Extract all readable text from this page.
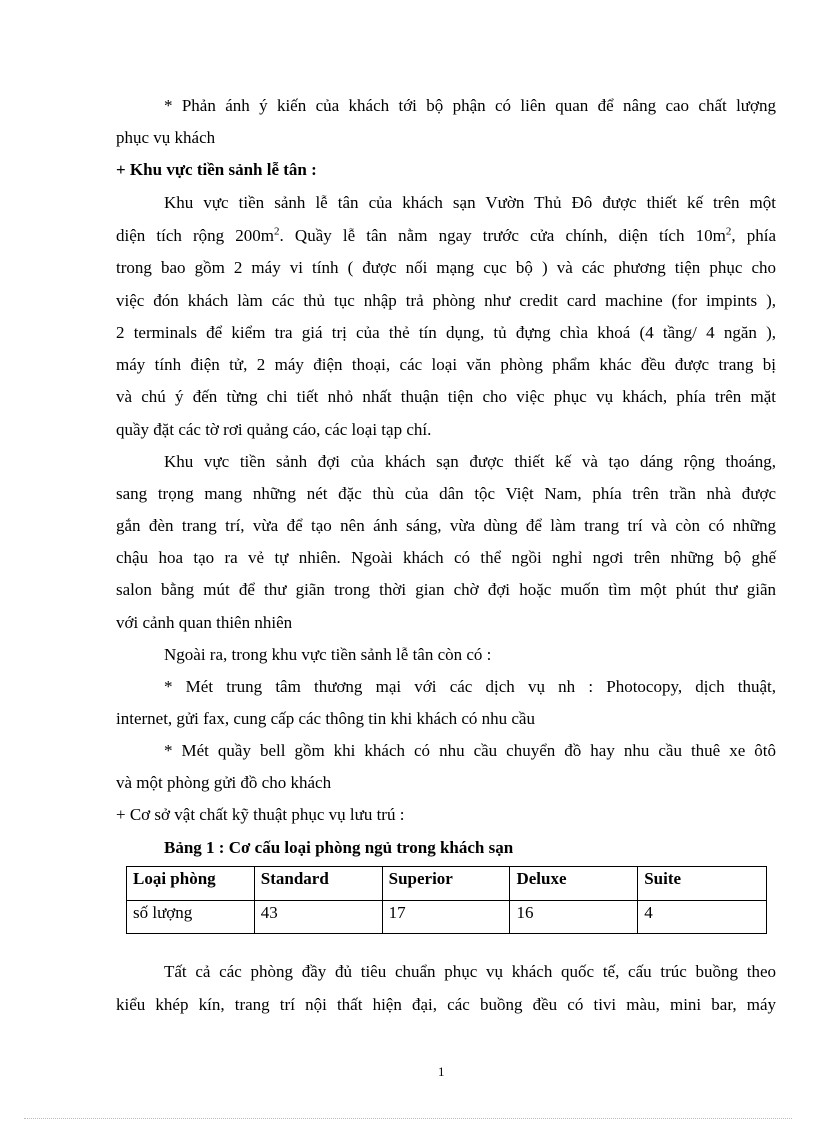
* Phản ánh ý kiến của khách tới bộ phận có liên quan để nâng cao chất lượng
phục vụ khách
+ Khu vực tiền sảnh lễ tân :
Khu vực tiền sảnh lễ tân của khách sạn Vườn Thủ Đô được thiết kế trên một
diện tích rộng $200m^2$. Quầy lễ tân nằm ngay trước cửa chính, diện tích $10m^2$, phía
trong bao gồm 2 máy vi tính ( được nối mạng cục bộ ) và các phương tiện phục cho
việc đón khách làm các thủ tục nhập trả phòng như credit card machine (for impints ),
2 terminals để kiểm tra giá trị của thẻ tín dụng, tủ đựng chìa khoá (4 tầng/ 4 ngăn ),
máy tính điện tử, 2 máy điện thoại, các loại văn phòng phẩm khác đều được trang bị
và chú ý đến từng chi tiết nhỏ nhất thuận tiện cho việc phục vụ khách, phía trên mặt
quầy đặt các tờ rơi quảng cáo, các loại tạp chí.
Khu vực tiền sảnh đợi của khách sạn được thiết kế và tạo dáng rộng thoáng,
sang trọng mang những nét đặc thù của dân tộc Việt Nam, phía trên trần nhà được
gắn đèn trang trí, vừa để tạo nên ánh sáng, vừa dùng để làm trang trí và còn có những
chậu hoa tạo ra vẻ tự nhiên. Ngoài khách có thể ngồi nghỉ ngơi trên những bộ ghế
salon bằng mút để thư giãn trong thời gian chờ đợi hoặc muốn tìm một phút thư giãn
với cảnh quan thiên nhiên
Ngoài ra, trong khu vực tiền sảnh lễ tân còn có :
* Mét trung tâm thương mại với các dịch vụ nh : Photocopy, dịch thuật,
internet, gửi fax, cung cấp các thông tin khi khách có nhu cầu
* Mét quầy bell gồm khi khách có nhu cầu chuyển đồ hay nhu cầu thuê xe ôtô
và một phòng gửi đồ cho khách
+ Cơ sở vật chất kỹ thuật phục vụ lưu trú :
Bảng 1 : Cơ cấu loại phòng ngủ trong khách sạn
Loại phòng	Standard	Superior	Deluxe	Suite
số lượng	43	17	16	4
Tất cả các phòng đầy đủ tiêu chuẩn phục vụ khách quốc tế, cấu trúc buồng theo
kiểu khép kín, trang trí nội thất hiện đại, các buồng đều có tivi màu, mini bar, máy
1
